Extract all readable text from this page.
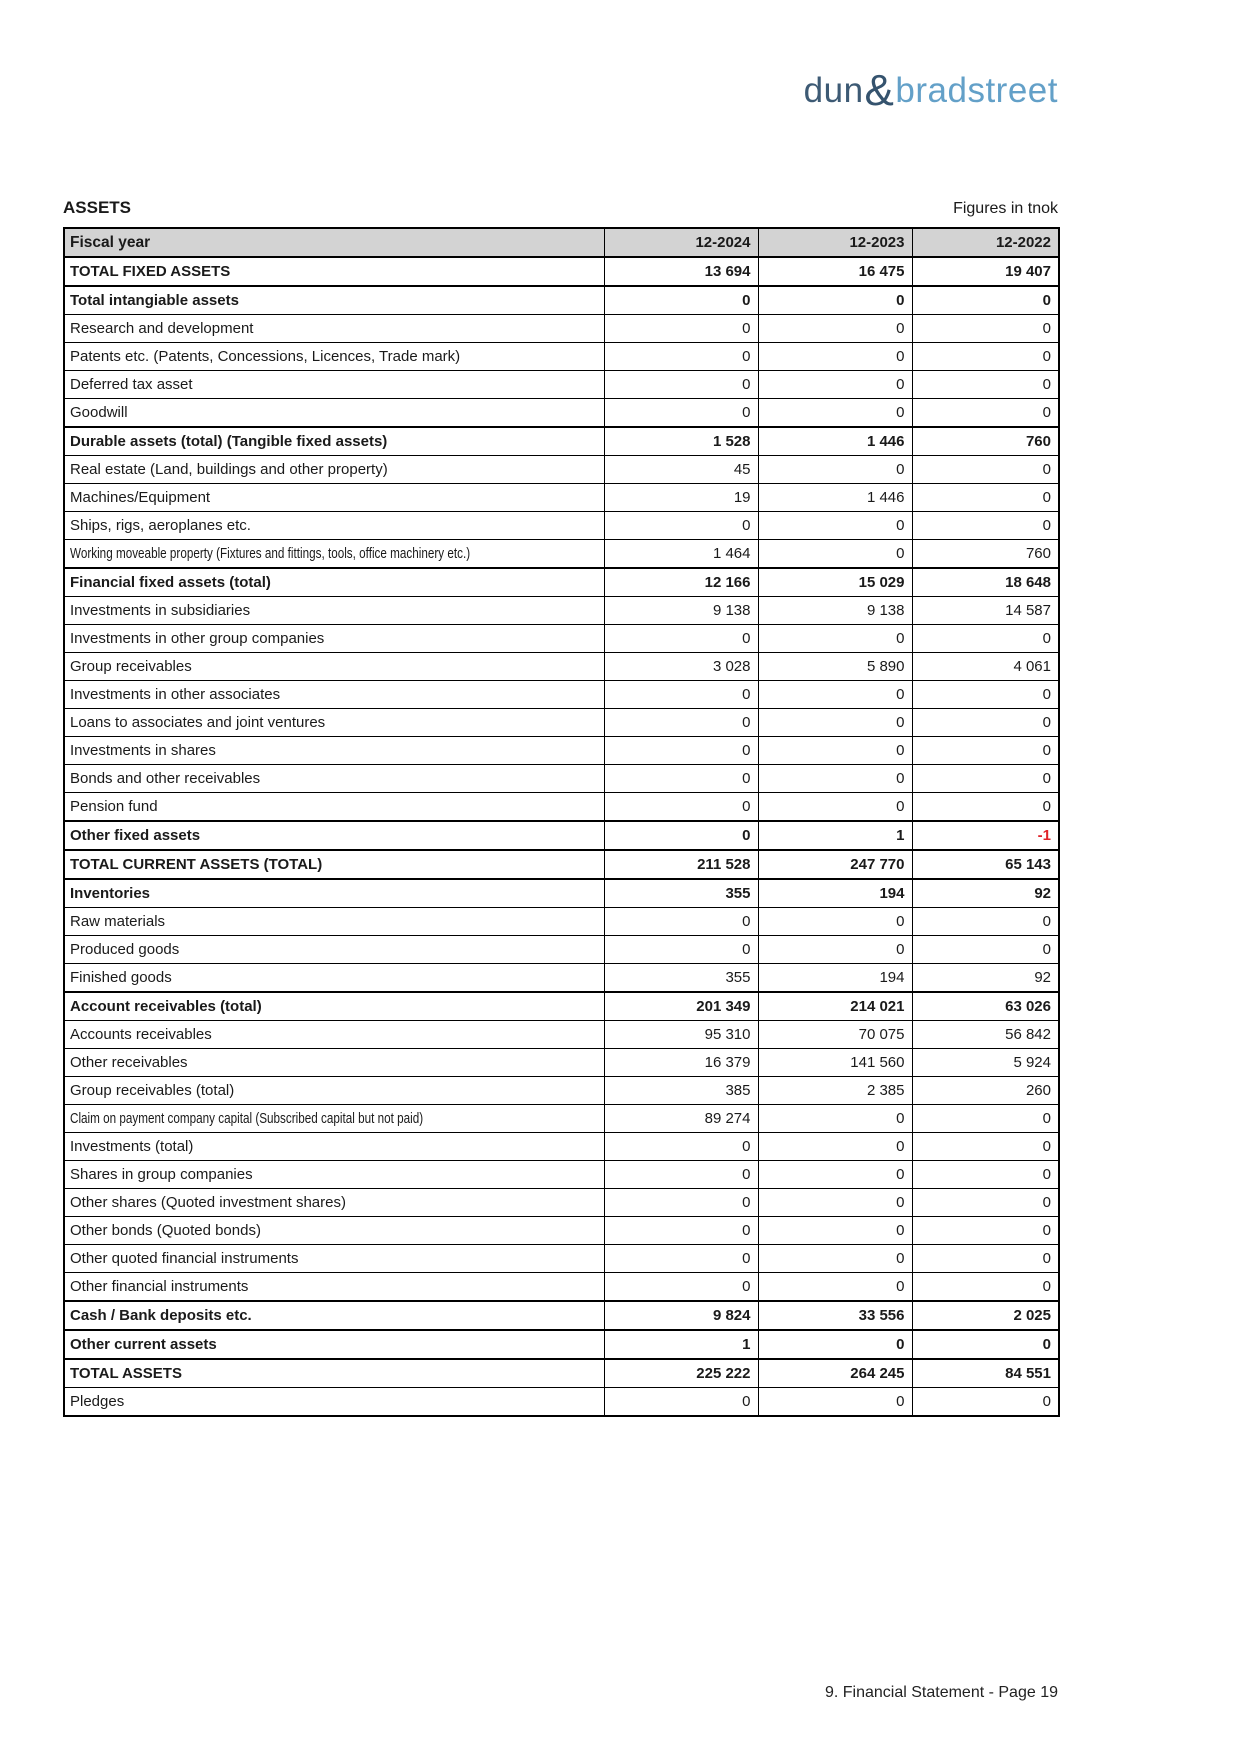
dun&bradstreet
ASSETS	Figures in tnok
Fiscal year	12-2024	12-2023	12-2022
TOTAL FIXED ASSETS	13 694	16 475	19 407
Total intangiable assets	0	0	0
Research and development	0	0	0
Patents etc. (Patents, Concessions, Licences, Trade mark)	0	0	0
Deferred tax asset	0	0	0
Goodwill	0	0	0
Durable assets (total) (Tangible fixed assets)	1 528	1 446	760
Real estate (Land, buildings and other property)	45	0	0
Machines/Equipment	19	1 446	0
Ships, rigs, aeroplanes etc.	0	0	0
Working moveable property (Fixtures and fittings, tools, office machinery etc.)	1 464	0	760
Financial fixed assets (total)	12 166	15 029	18 648
Investments in subsidiaries	9 138	9 138	14 587
Investments in other group companies	0	0	0
Group receivables	3 028	5 890	4 061
Investments in other associates	0	0	0
Loans to associates and joint ventures	0	0	0
Investments in shares	0	0	0
Bonds and other receivables	0	0	0
Pension fund	0	0	0
Other fixed assets	0	1	-1
TOTAL CURRENT ASSETS (TOTAL)	211 528	247 770	65 143
Inventories	355	194	92
Raw materials	0	0	0
Produced goods	0	0	0
Finished goods	355	194	92
Account receivables (total)	201 349	214 021	63 026
Accounts receivables	95 310	70 075	56 842
Other receivables	16 379	141 560	5 924
Group receivables (total)	385	2 385	260
Claim on payment company capital (Subscribed capital but not paid)	89 274	0	0
Investments (total)	0	0	0
Shares in group companies	0	0	0
Other shares (Quoted investment shares)	0	0	0
Other bonds (Quoted bonds)	0	0	0
Other quoted financial instruments	0	0	0
Other financial instruments	0	0	0
Cash / Bank deposits etc.	9 824	33 556	2 025
Other current assets	1	0	0
TOTAL ASSETS	225 222	264 245	84 551
Pledges	0	0	0
9. Financial Statement - Page 19
